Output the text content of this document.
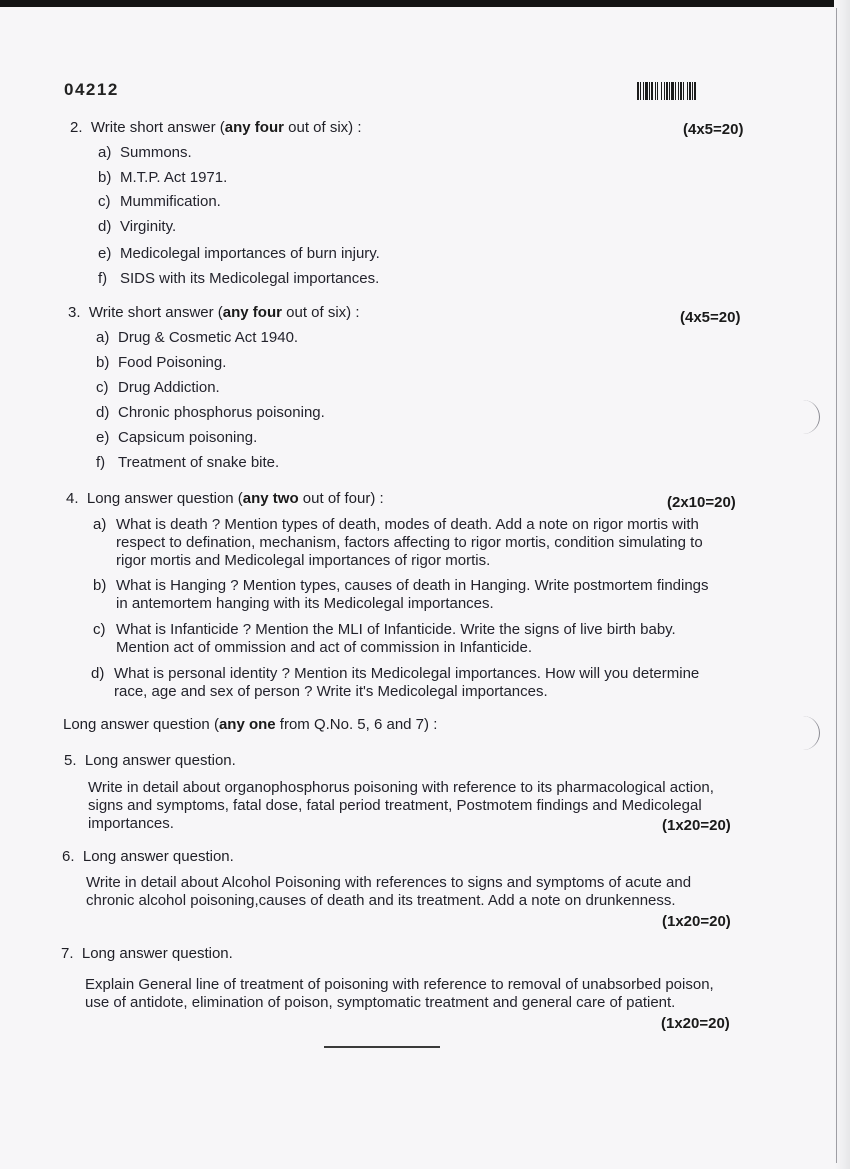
04212
2. Write short answer (any four out of six) :	(4x5=20)
a) Summons.
b) M.T.P. Act 1971.
c) Mummification.
d) Virginity.
e) Medicolegal importances of burn injury.
f) SIDS with its Medicolegal importances.
3. Write short answer (any four out of six) :	(4x5=20)
a) Drug & Cosmetic Act 1940.
b) Food Poisoning.
c) Drug Addiction.
d) Chronic phosphorus poisoning.
e) Capsicum poisoning.
f) Treatment of snake bite.
4. Long answer question (any two out of four) :	(2x10=20)
a) What is death ? Mention types of death, modes of death. Add a note on rigor mortis with respect to defination, mechanism, factors affecting to rigor mortis, condition simulating to rigor mortis and Medicolegal importances of rigor mortis.
b) What is Hanging ? Mention types, causes of death in Hanging. Write postmortem findings in antemortem hanging with its Medicolegal importances.
c) What is Infanticide ? Mention the MLI of Infanticide. Write the signs of live birth baby. Mention act of ommission and act of commission in Infanticide.
d) What is personal identity ? Mention its Medicolegal importances. How will you determine race, age and sex of person ? Write it's Medicolegal importances.
Long answer question (any one from Q.No. 5, 6 and 7) :
5. Long answer question.
Write in detail about organophosphorus poisoning with reference to its pharmacological action, signs and symptoms, fatal dose, fatal period treatment, Postmotem findings and Medicolegal importances.	(1x20=20)
6. Long answer question.
Write in detail about Alcohol Poisoning with references to signs and symptoms of acute and chronic alcohol poisoning,causes of death and its treatment. Add a note on drunkenness.
(1x20=20)
7. Long answer question.
Explain General line of treatment of poisoning with reference to removal of unabsorbed poison, use of antidote, elimination of poison, symptomatic treatment and general care of patient.
(1x20=20)
